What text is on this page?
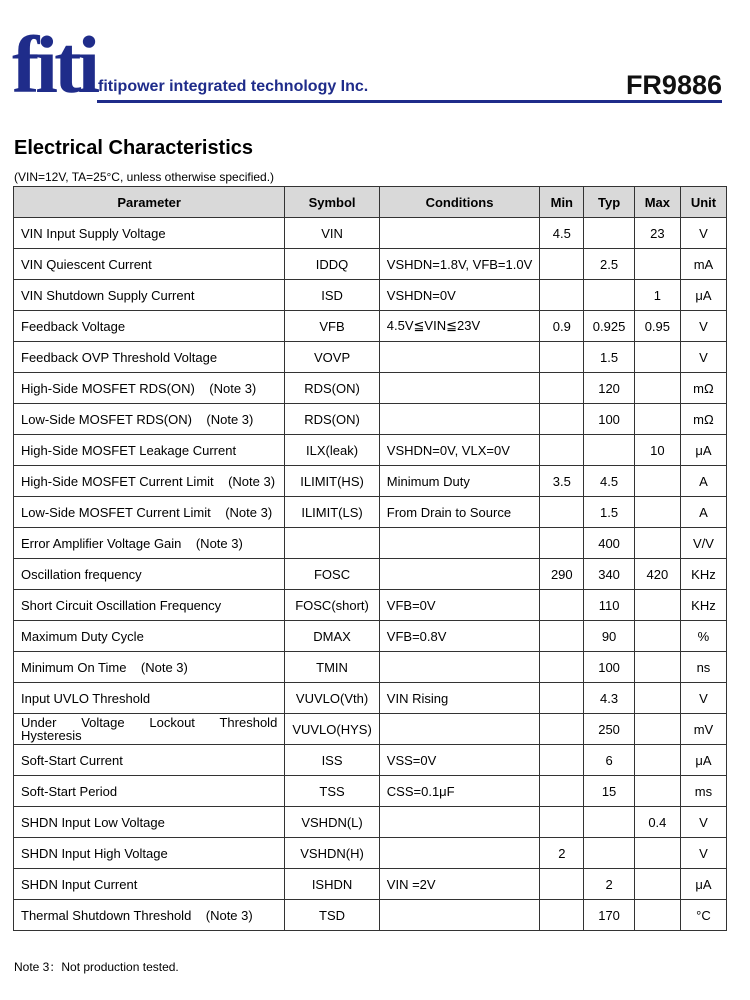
fiti fitipower integrated technology Inc.	FR9886
Electrical Characteristics
(VIN=12V, TA=25°C, unless otherwise specified.)
Parameter	Symbol	Conditions	Min	Typ	Max	Unit
VIN Input Supply Voltage	VIN		4.5		23	V
VIN Quiescent Current	IDDQ	VSHDN=1.8V, VFB=1.0V		2.5		mA
VIN Shutdown Supply Current	ISD	VSHDN=0V			1	μA
Feedback Voltage	VFB	4.5V≦VIN≦23V	0.9	0.925	0.95	V
Feedback OVP Threshold Voltage	VOVP			1.5		V
High-Side MOSFET RDS(ON)    (Note 3)	RDS(ON)			120		mΩ
Low-Side MOSFET RDS(ON)    (Note 3)	RDS(ON)			100		mΩ
High-Side MOSFET Leakage Current	ILX(leak)	VSHDN=0V, VLX=0V			10	μA
High-Side MOSFET Current Limit    (Note 3)	ILIMIT(HS)	Minimum Duty	3.5	4.5		A
Low-Side MOSFET Current Limit    (Note 3)	ILIMIT(LS)	From Drain to Source		1.5		A
Error Amplifier Voltage Gain    (Note 3)				400		V/V
Oscillation frequency	FOSC		290	340	420	KHz
Short Circuit Oscillation Frequency	FOSC(short)	VFB=0V		110		KHz
Maximum Duty Cycle	DMAX	VFB=0.8V		90		%
Minimum On Time    (Note 3)	TMIN			100		ns
Input UVLO Threshold	VUVLO(Vth)	VIN Rising		4.3		V
Under Voltage Lockout Threshold Hysteresis	VUVLO(HYS)			250		mV
Soft-Start Current	ISS	VSS=0V		6		μA
Soft-Start Period	TSS	CSS=0.1μF		15		ms
SHDN Input Low Voltage	VSHDN(L)				0.4	V
SHDN Input High Voltage	VSHDN(H)		2			V
SHDN Input Current	ISHDN	VIN =2V		2		μA
Thermal Shutdown Threshold    (Note 3)	TSD			170		°C
Note 3：Not production tested.
